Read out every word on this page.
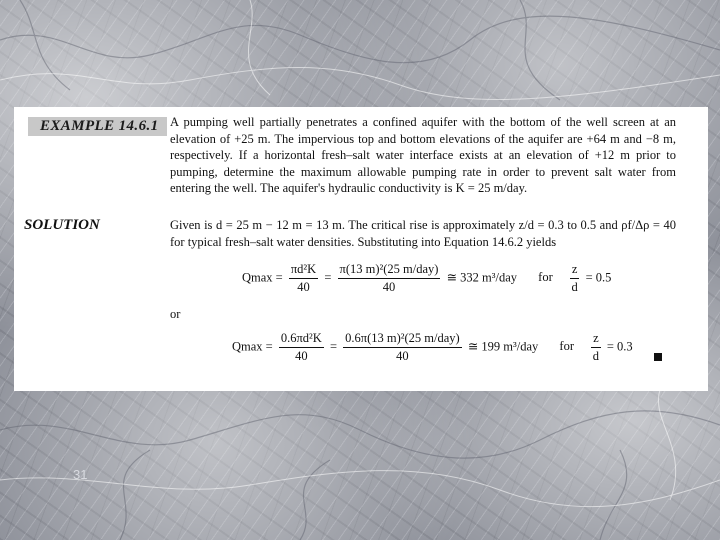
EXAMPLE 14.6.1 A pumping well partially penetrates a confined aquifer with the bottom of the well screen at an elevation of +25 m. The impervious top and bottom elevations of the aquifer are +64 m and −8 m, respectively. If a horizontal fresh–salt water interface exists at an elevation of +12 m prior to pumping, determine the maximum allowable pumping rate in order to prevent salt water from entering the well. The aquifer's hydraulic conductivity is K = 25 m/day.
SOLUTION	Given is d = 25 m − 12 m = 13 m. The critical rise is approximately z/d = 0.3 to 0.5 and ρf/Δρ = 40 for typical fresh–salt water densities. Substituting into Equation 14.6.2 yields
$Qmax = \frac{\text{πd²K}}{40} = \frac{\text{π(13 m)²(25 m/day)}}{40}$ ≅ 332 m³/day for $\frac{z}{d} = 0.5$
or
$Qmax = \frac{\text{0.6πd²K}}{40} = \frac{\text{0.6π(13 m)²(25 m/day)}}{40}$ ≅ 199 m³/day for $\frac{z}{d} = 0.3$
31
